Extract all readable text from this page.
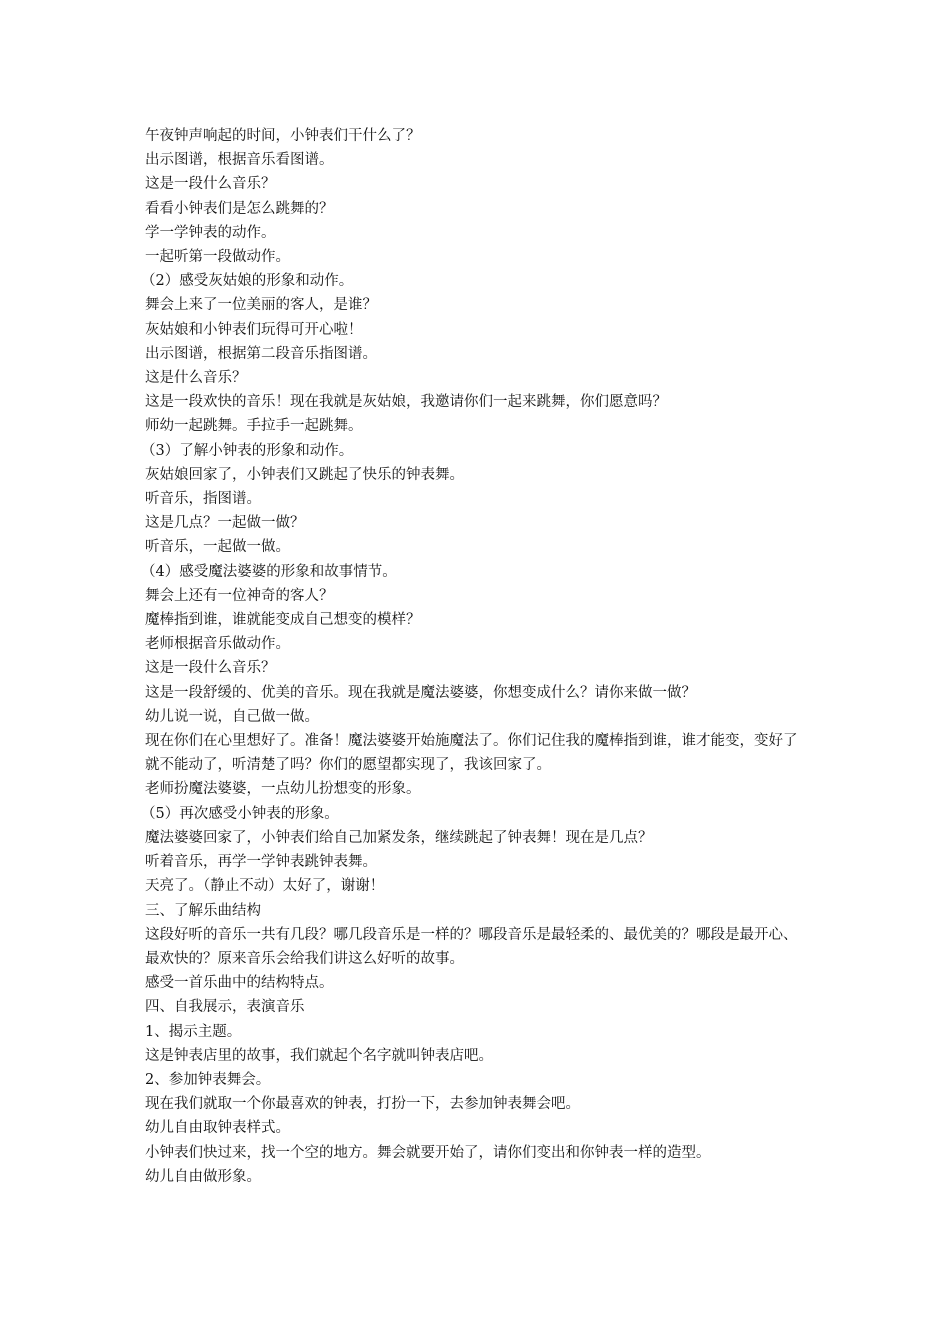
午夜钟声响起的时间，小钟表们干什么了？

出示图谱，根据音乐看图谱。

这是一段什么音乐？

看看小钟表们是怎么跳舞的？

学一学钟表的动作。

一起听第一段做动作。

（2）感受灰姑娘的形象和动作。

舞会上来了一位美丽的客人，是谁？

灰姑娘和小钟表们玩得可开心啦！

出示图谱，根据第二段音乐指图谱。

这是什么音乐？

这是一段欢快的音乐！现在我就是灰姑娘，我邀请你们一起来跳舞，你们愿意吗？

师幼一起跳舞。手拉手一起跳舞。

（3）了解小钟表的形象和动作。

灰姑娘回家了，小钟表们又跳起了快乐的钟表舞。

听音乐，指图谱。

这是几点？一起做一做？

听音乐，一起做一做。

（4）感受魔法婆婆的形象和故事情节。

舞会上还有一位神奇的客人？

魔棒指到谁，谁就能变成自己想变的模样？

老师根据音乐做动作。

这是一段什么音乐？

这是一段舒缓的、优美的音乐。现在我就是魔法婆婆，你想变成什么？请你来做一做？

幼儿说一说，自己做一做。

现在你们在心里想好了。准备！魔法婆婆开始施魔法了。你们记住我的魔棒指到谁，谁才能变，变好了就不能动了，听清楚了吗？你们的愿望都实现了，我该回家了。

老师扮魔法婆婆，一点幼儿扮想变的形象。

（5）再次感受小钟表的形象。

魔法婆婆回家了，小钟表们给自己加紧发条，继续跳起了钟表舞！现在是几点？

听着音乐，再学一学钟表跳钟表舞。

天亮了。（静止不动）太好了，谢谢！

三、了解乐曲结构

这段好听的音乐一共有几段？哪几段音乐是一样的？哪段音乐是最轻柔的、最优美的？哪段是最开心、最欢快的？原来音乐会给我们讲这么好听的故事。

感受一首乐曲中的结构特点。

四、自我展示，表演音乐

1、揭示主题。

这是钟表店里的故事，我们就起个名字就叫钟表店吧。

2、参加钟表舞会。

现在我们就取一个你最喜欢的钟表，打扮一下，去参加钟表舞会吧。

幼儿自由取钟表样式。

小钟表们快过来，找一个空的地方。舞会就要开始了，请你们变出和你钟表一样的造型。

幼儿自由做形象。
